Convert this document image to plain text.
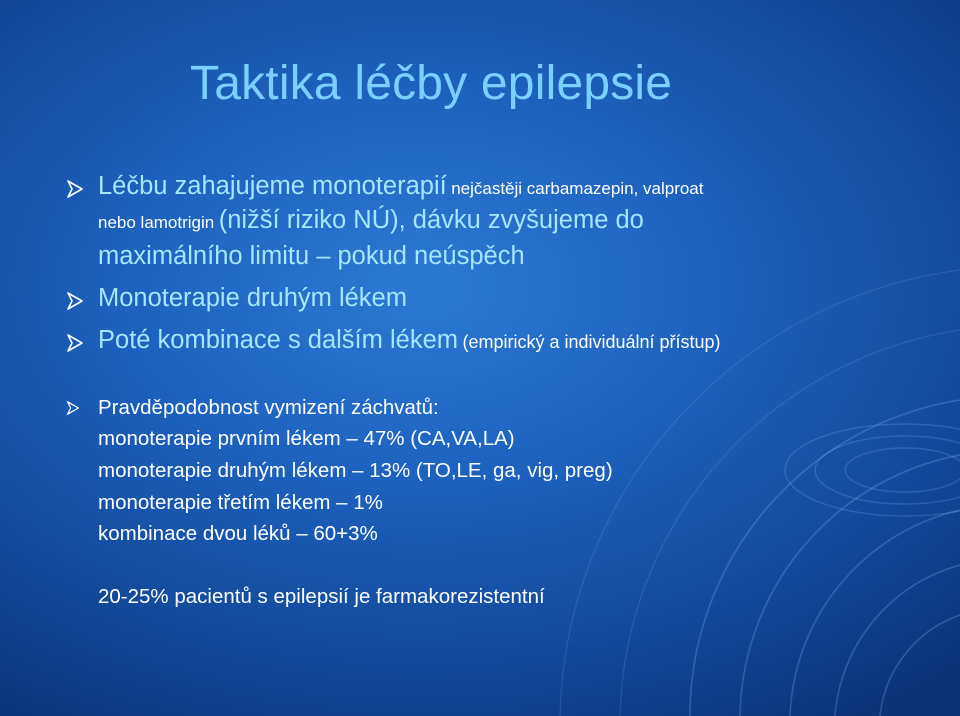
Taktika léčby epilepsie
Léčbu zahajujeme monoterapií nejčastěji carbamazepin, valproat
nebo lamotrigin (nižší riziko NÚ), dávku zvyšujeme do
maximálního limitu – pokud neúspěch
Monoterapie druhým lékem
Poté kombinace s dalším lékem (empirický a individuální přístup)
Pravděpodobnost vymizení záchvatů:
monoterapie prvním lékem – 47% (CA,VA,LA)
monoterapie druhým lékem – 13% (TO,LE, ga, vig, preg)
monoterapie třetím lékem – 1%
kombinace dvou léků – 60+3%
20-25% pacientů s epilepsií je farmakorezistentní
